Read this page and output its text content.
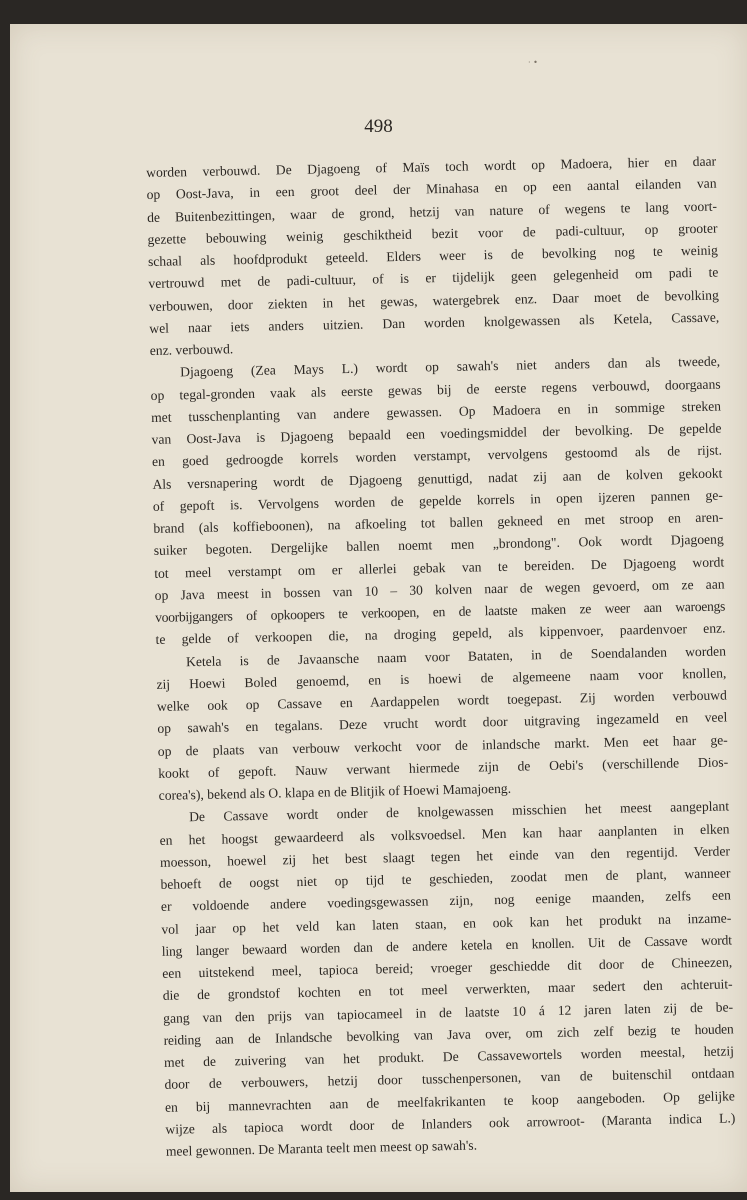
· •
498
worden verbouwd. De Djagoeng of Maïs toch wordt op Madoera, hier en daar
op Oost-Java, in een groot deel der Minahasa en op een aantal eilanden van
de Buitenbezittingen, waar de grond, hetzij van nature of wegens te lang voort-
gezette bebouwing weinig geschiktheid bezit voor de padi-cultuur, op grooter
schaal als hoofdprodukt geteeld. Elders weer is de bevolking nog te weinig
vertrouwd met de padi-cultuur, of is er tijdelijk geen gelegenheid om padi te
verbouwen, door ziekten in het gewas, watergebrek enz. Daar moet de bevolking
wel naar iets anders uitzien. Dan worden knolgewassen als Ketela, Cassave,
enz. verbouwd.
Djagoeng (Zea Mays L.) wordt op sawah's niet anders dan als tweede,
op tegal-gronden vaak als eerste gewas bij de eerste regens verbouwd, doorgaans
met tusschenplanting van andere gewassen. Op Madoera en in sommige streken
van Oost-Java is Djagoeng bepaald een voedingsmiddel der bevolking. De gepelde
en goed gedroogde korrels worden verstampt, vervolgens gestoomd als de rijst.
Als versnapering wordt de Djagoeng genuttigd, nadat zij aan de kolven gekookt
of gepoft is. Vervolgens worden de gepelde korrels in open ijzeren pannen ge-
brand (als koffieboonen), na afkoeling tot ballen gekneed en met stroop en aren-
suiker begoten. Dergelijke ballen noemt men „brondong". Ook wordt Djagoeng
tot meel verstampt om er allerlei gebak van te bereiden. De Djagoeng wordt
op Java meest in bossen van 10 – 30 kolven naar de wegen gevoerd, om ze aan
voorbijgangers of opkoopers te verkoopen, en de laatste maken ze weer aan waroengs
te gelde of verkoopen die, na droging gepeld, als kippenvoer, paardenvoer enz.
Ketela is de Javaansche naam voor Bataten, in de Soendalanden worden
zij Hoewi Boled genoemd, en is hoewi de algemeene naam voor knollen,
welke ook op Cassave en Aardappelen wordt toegepast. Zij worden verbouwd
op sawah's en tegalans. Deze vrucht wordt door uitgraving ingezameld en veel
op de plaats van verbouw verkocht voor de inlandsche markt. Men eet haar ge-
kookt of gepoft. Nauw verwant hiermede zijn de Oebi's (verschillende Dios-
corea's), bekend als O. klapa en de Blitjik of Hoewi Mamajoeng.
De Cassave wordt onder de knolgewassen misschien het meest aangeplant
en het hoogst gewaardeerd als volksvoedsel. Men kan haar aanplanten in elken
moesson, hoewel zij het best slaagt tegen het einde van den regentijd. Verder
behoeft de oogst niet op tijd te geschieden, zoodat men de plant, wanneer
er voldoende andere voedingsgewassen zijn, nog eenige maanden, zelfs een
vol jaar op het veld kan laten staan, en ook kan het produkt na inzame-
ling langer bewaard worden dan de andere ketela en knollen. Uit de Cassave wordt
een uitstekend meel, tapioca bereid; vroeger geschiedde dit door de Chineezen,
die de grondstof kochten en tot meel verwerkten, maar sedert den achteruit-
gang van den prijs van tapiocameel in de laatste 10 á 12 jaren laten zij de be-
reiding aan de Inlandsche bevolking van Java over, om zich zelf bezig te houden
met de zuivering van het produkt. De Cassavewortels worden meestal, hetzij
door de verbouwers, hetzij door tusschenpersonen, van de buitenschil ontdaan
en bij mannevrachten aan de meelfakrikanten te koop aangeboden. Op gelijke
wijze als tapioca wordt door de Inlanders ook arrowroot- (Maranta indica L.)
meel gewonnen. De Maranta teelt men meest op sawah's.
